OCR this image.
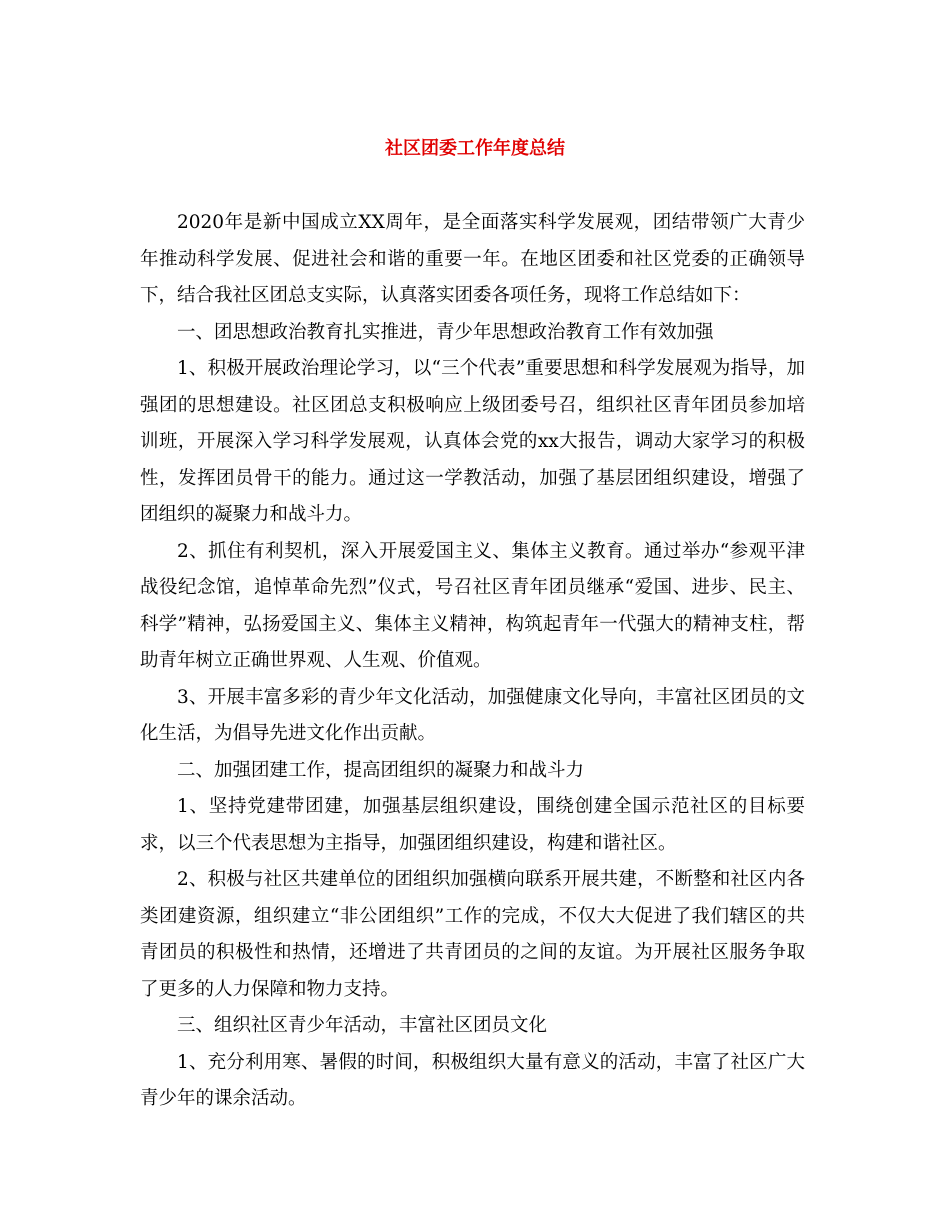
社区团委工作年度总结

2020年是新中国成立XX周年，是全面落实科学发展观，团结带领广大青少年推动科学发展、促进社会和谐的重要一年。在地区团委和社区党委的正确领导下，结合我社区团总支实际，认真落实团委各项任务，现将工作总结如下：

一、团思想政治教育扎实推进，青少年思想政治教育工作有效加强

1、积极开展政治理论学习，以“三个代表”重要思想和科学发展观为指导，加强团的思想建设。社区团总支积极响应上级团委号召，组织社区青年团员参加培训班，开展深入学习科学发展观，认真体会党的xx大报告，调动大家学习的积极性，发挥团员骨干的能力。通过这一学教活动，加强了基层团组织建设，增强了团组织的凝聚力和战斗力。

2、抓住有利契机，深入开展爱国主义、集体主义教育。通过举办“参观平津战役纪念馆，追悼革命先烈”仪式，号召社区青年团员继承“爱国、进步、民主、科学”精神，弘扬爱国主义、集体主义精神，构筑起青年一代强大的精神支柱，帮助青年树立正确世界观、人生观、价值观。

3、开展丰富多彩的青少年文化活动，加强健康文化导向，丰富社区团员的文化生活，为倡导先进文化作出贡献。

二、加强团建工作，提高团组织的凝聚力和战斗力

1、坚持党建带团建，加强基层组织建设，围绕创建全国示范社区的目标要求，以三个代表思想为主指导，加强团组织建设，构建和谐社区。

2、积极与社区共建单位的团组织加强横向联系开展共建，不断整和社区内各类团建资源，组织建立“非公团组织”工作的完成，不仅大大促进了我们辖区的共青团员的积极性和热情，还增进了共青团员的之间的友谊。为开展社区服务争取了更多的人力保障和物力支持。

三、组织社区青少年活动，丰富社区团员文化

1、充分利用寒、暑假的时间，积极组织大量有意义的活动，丰富了社区广大青少年的课余活动。
